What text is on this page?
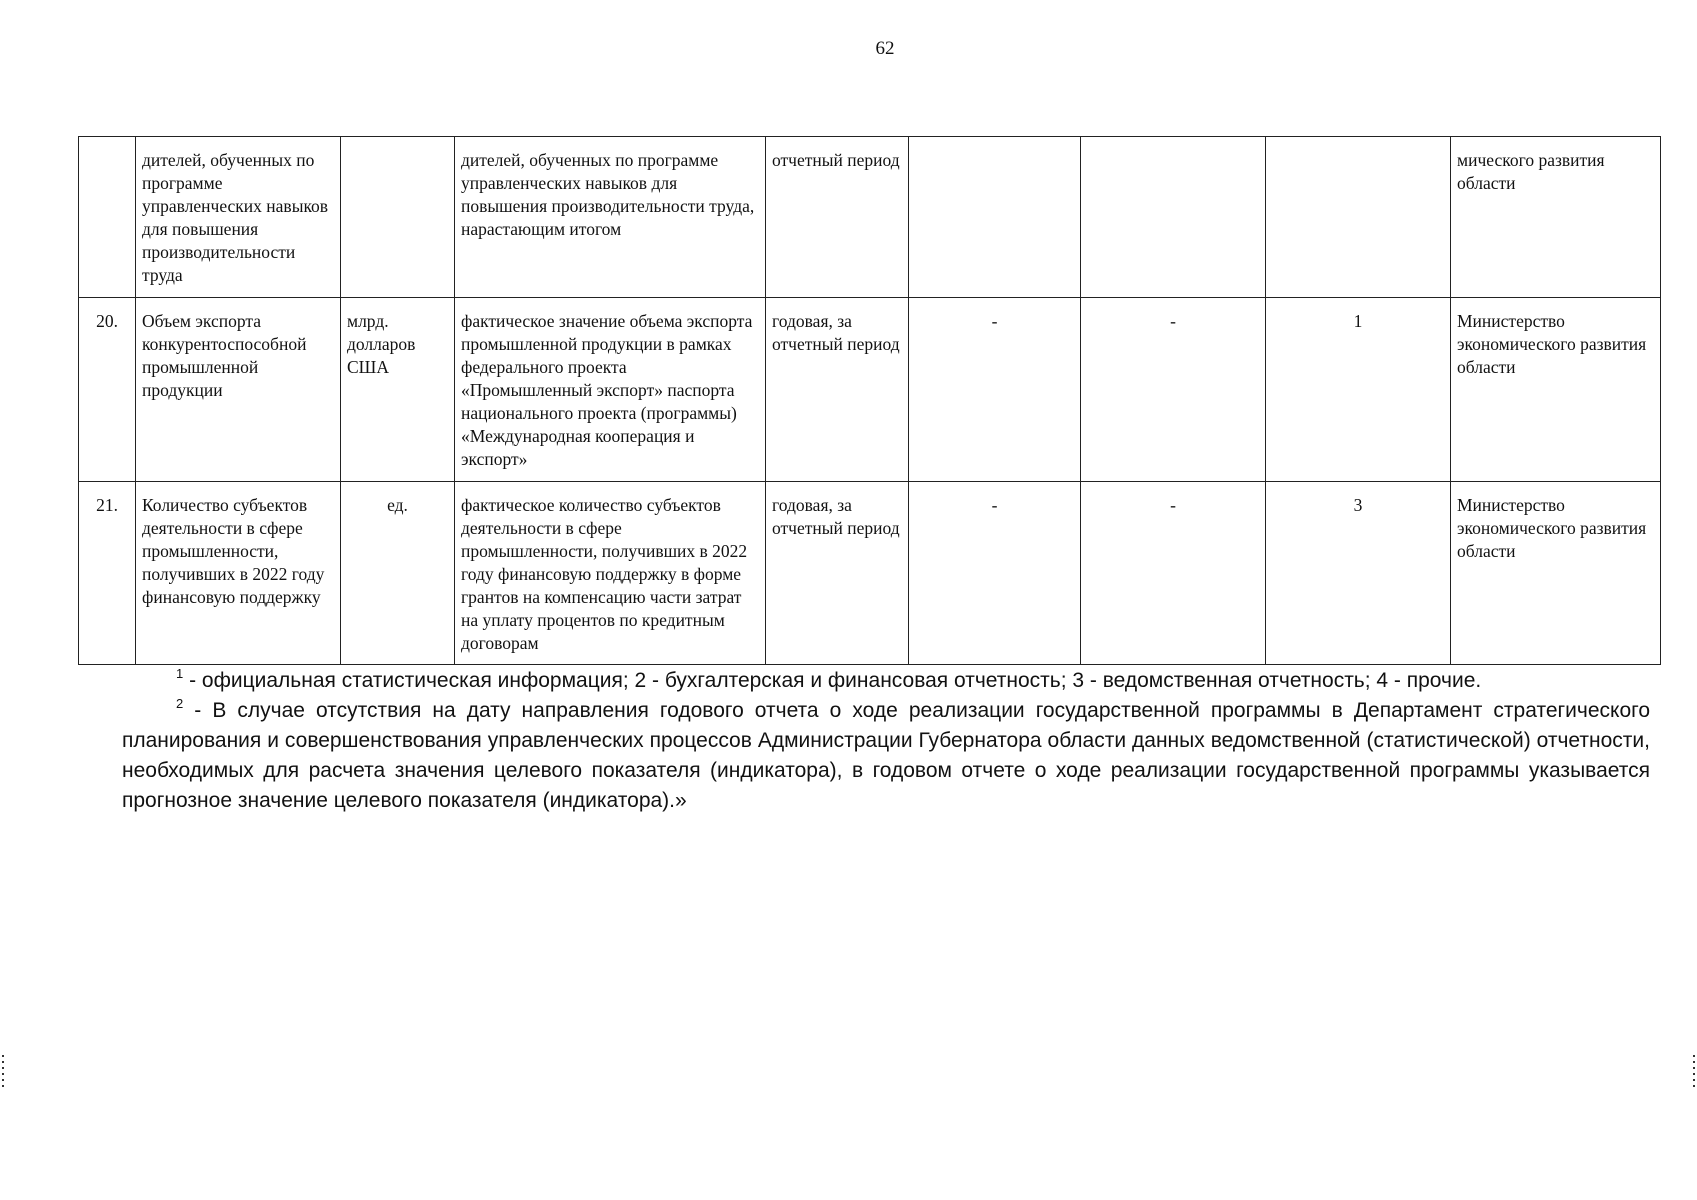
62
	дителей, обученных по программе управленческих навыков для повышения производительности труда		дителей, обученных по программе управленческих навыков для повышения производительности труда, нарастающим итогом	отчетный период				мического развития области
20.	Объем экспорта конкурентоспособной промышленной продукции	млрд. долларов США	фактическое значение объема экспорта промышленной продукции в рамках федерального проекта «Промышленный экспорт» паспорта национального проекта (программы) «Международная кооперация и экспорт»	годовая, за отчетный период	-	-	1	Министерство экономического развития области
21.	Количество субъектов деятельности в сфере промышленности, получивших в 2022 году финансовую поддержку	ед.	фактическое количество субъектов деятельности в сфере промышленности, получивших в 2022 году финансовую поддержку в форме грантов на компенсацию части затрат на уплату процентов по кредитным договорам	годовая, за отчетный период	-	-	3	Министерство экономического развития области

$^1$ - официальная статистическая информация; 2 - бухгалтерская и финансовая отчетность; 3 - ведомственная отчетность; 4 - прочие.

$^2$ - В случае отсутствия на дату направления годового отчета о ходе реализации государственной программы в Департамент стратегического планирования и совершенствования управленческих процессов Администрации Губернатора области данных ведомственной (статистической) отчетности, необходимых для расчета значения целевого показателя (индикатора), в годовом отчете о ходе реализации государственной программы указывается прогнозное значение целевого показателя (индикатора).»
